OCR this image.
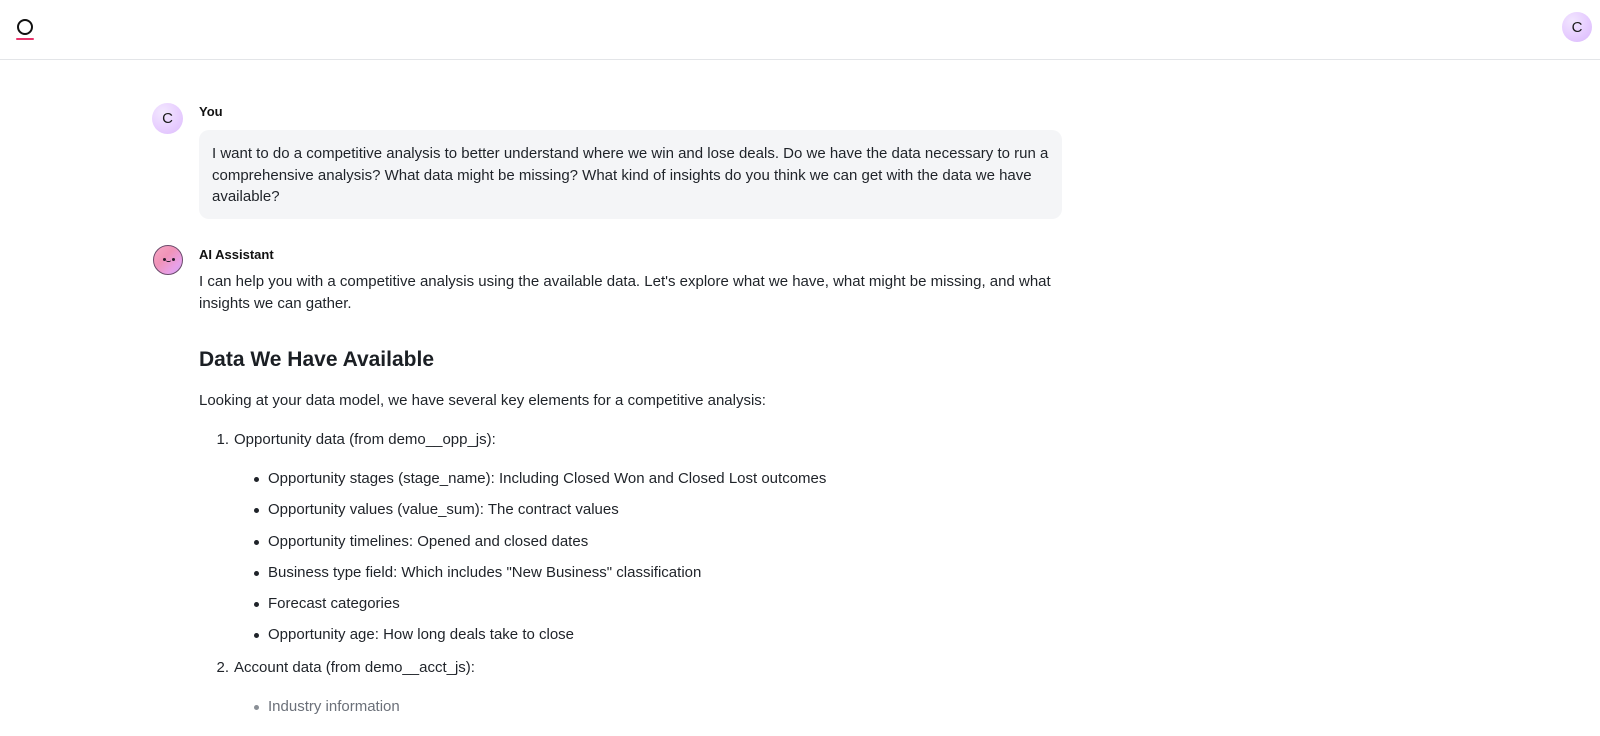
C
C	You
I want to do a competitive analysis to better understand where we win and lose deals. Do we have the data necessary to run a comprehensive analysis? What data might be missing? What kind of insights do you think we can get with the data we have available?
AI Assistant

I can help you with a competitive analysis using the available data. Let's explore what we have, what might be missing, and what insights we can gather.

Data We Have Available

Looking at your data model, we have several key elements for a competitive analysis:

1. Opportunity data (from demo__opp_js):
Opportunity stages (stage_name): Including Closed Won and Closed Lost outcomes
Opportunity values (value_sum): The contract values
Opportunity timelines: Opened and closed dates
Business type field: Which includes "New Business" classification
Forecast categories
Opportunity age: How long deals take to close
2. Account data (from demo__acct_js):
Industry information
